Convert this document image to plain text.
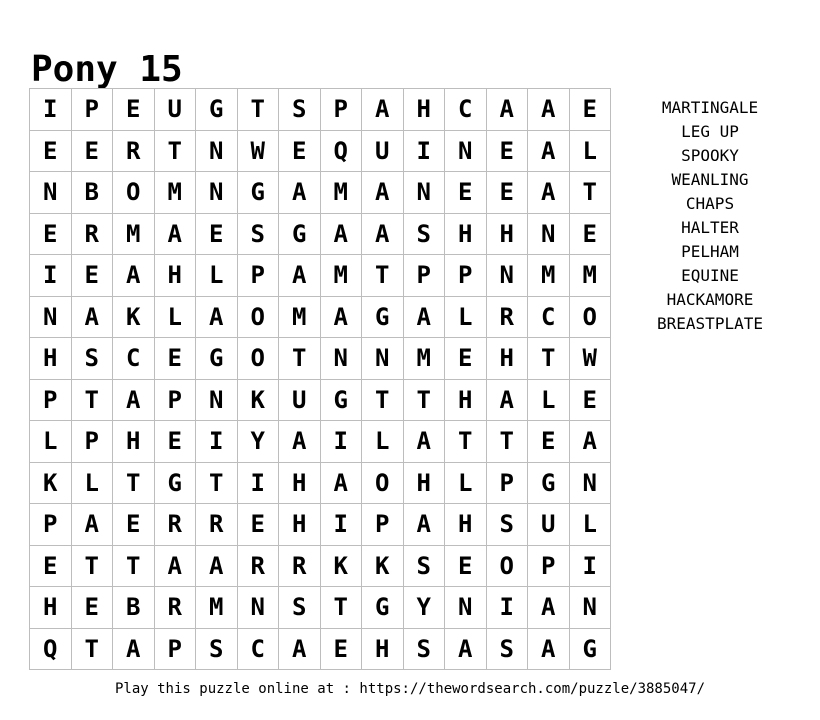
Pony 15
I	P	E	U	G	T	S	P	A	H	C	A	A	E
E	E	R	T	N	W	E	Q	U	I	N	E	A	L
N	B	O	M	N	G	A	M	A	N	E	E	A	T
E	R	M	A	E	S	G	A	A	S	H	H	N	E
I	E	A	H	L	P	A	M	T	P	P	N	M	M
N	A	K	L	A	O	M	A	G	A	L	R	C	O
H	S	C	E	G	O	T	N	N	M	E	H	T	W
P	T	A	P	N	K	U	G	T	T	H	A	L	E
L	P	H	E	I	Y	A	I	L	A	T	T	E	A
K	L	T	G	T	I	H	A	O	H	L	P	G	N
P	A	E	R	R	E	H	I	P	A	H	S	U	L
E	T	T	A	A	R	R	K	K	S	E	O	P	I
H	E	B	R	M	N	S	T	G	Y	N	I	A	N
Q	T	A	P	S	C	A	E	H	S	A	S	A	G
MARTINGALE
LEG UP
SPOOKY
WEANLING
CHAPS
HALTER
PELHAM
EQUINE
HACKAMORE
BREASTPLATE
Play this puzzle online at : https://thewordsearch.com/puzzle/3885047/
